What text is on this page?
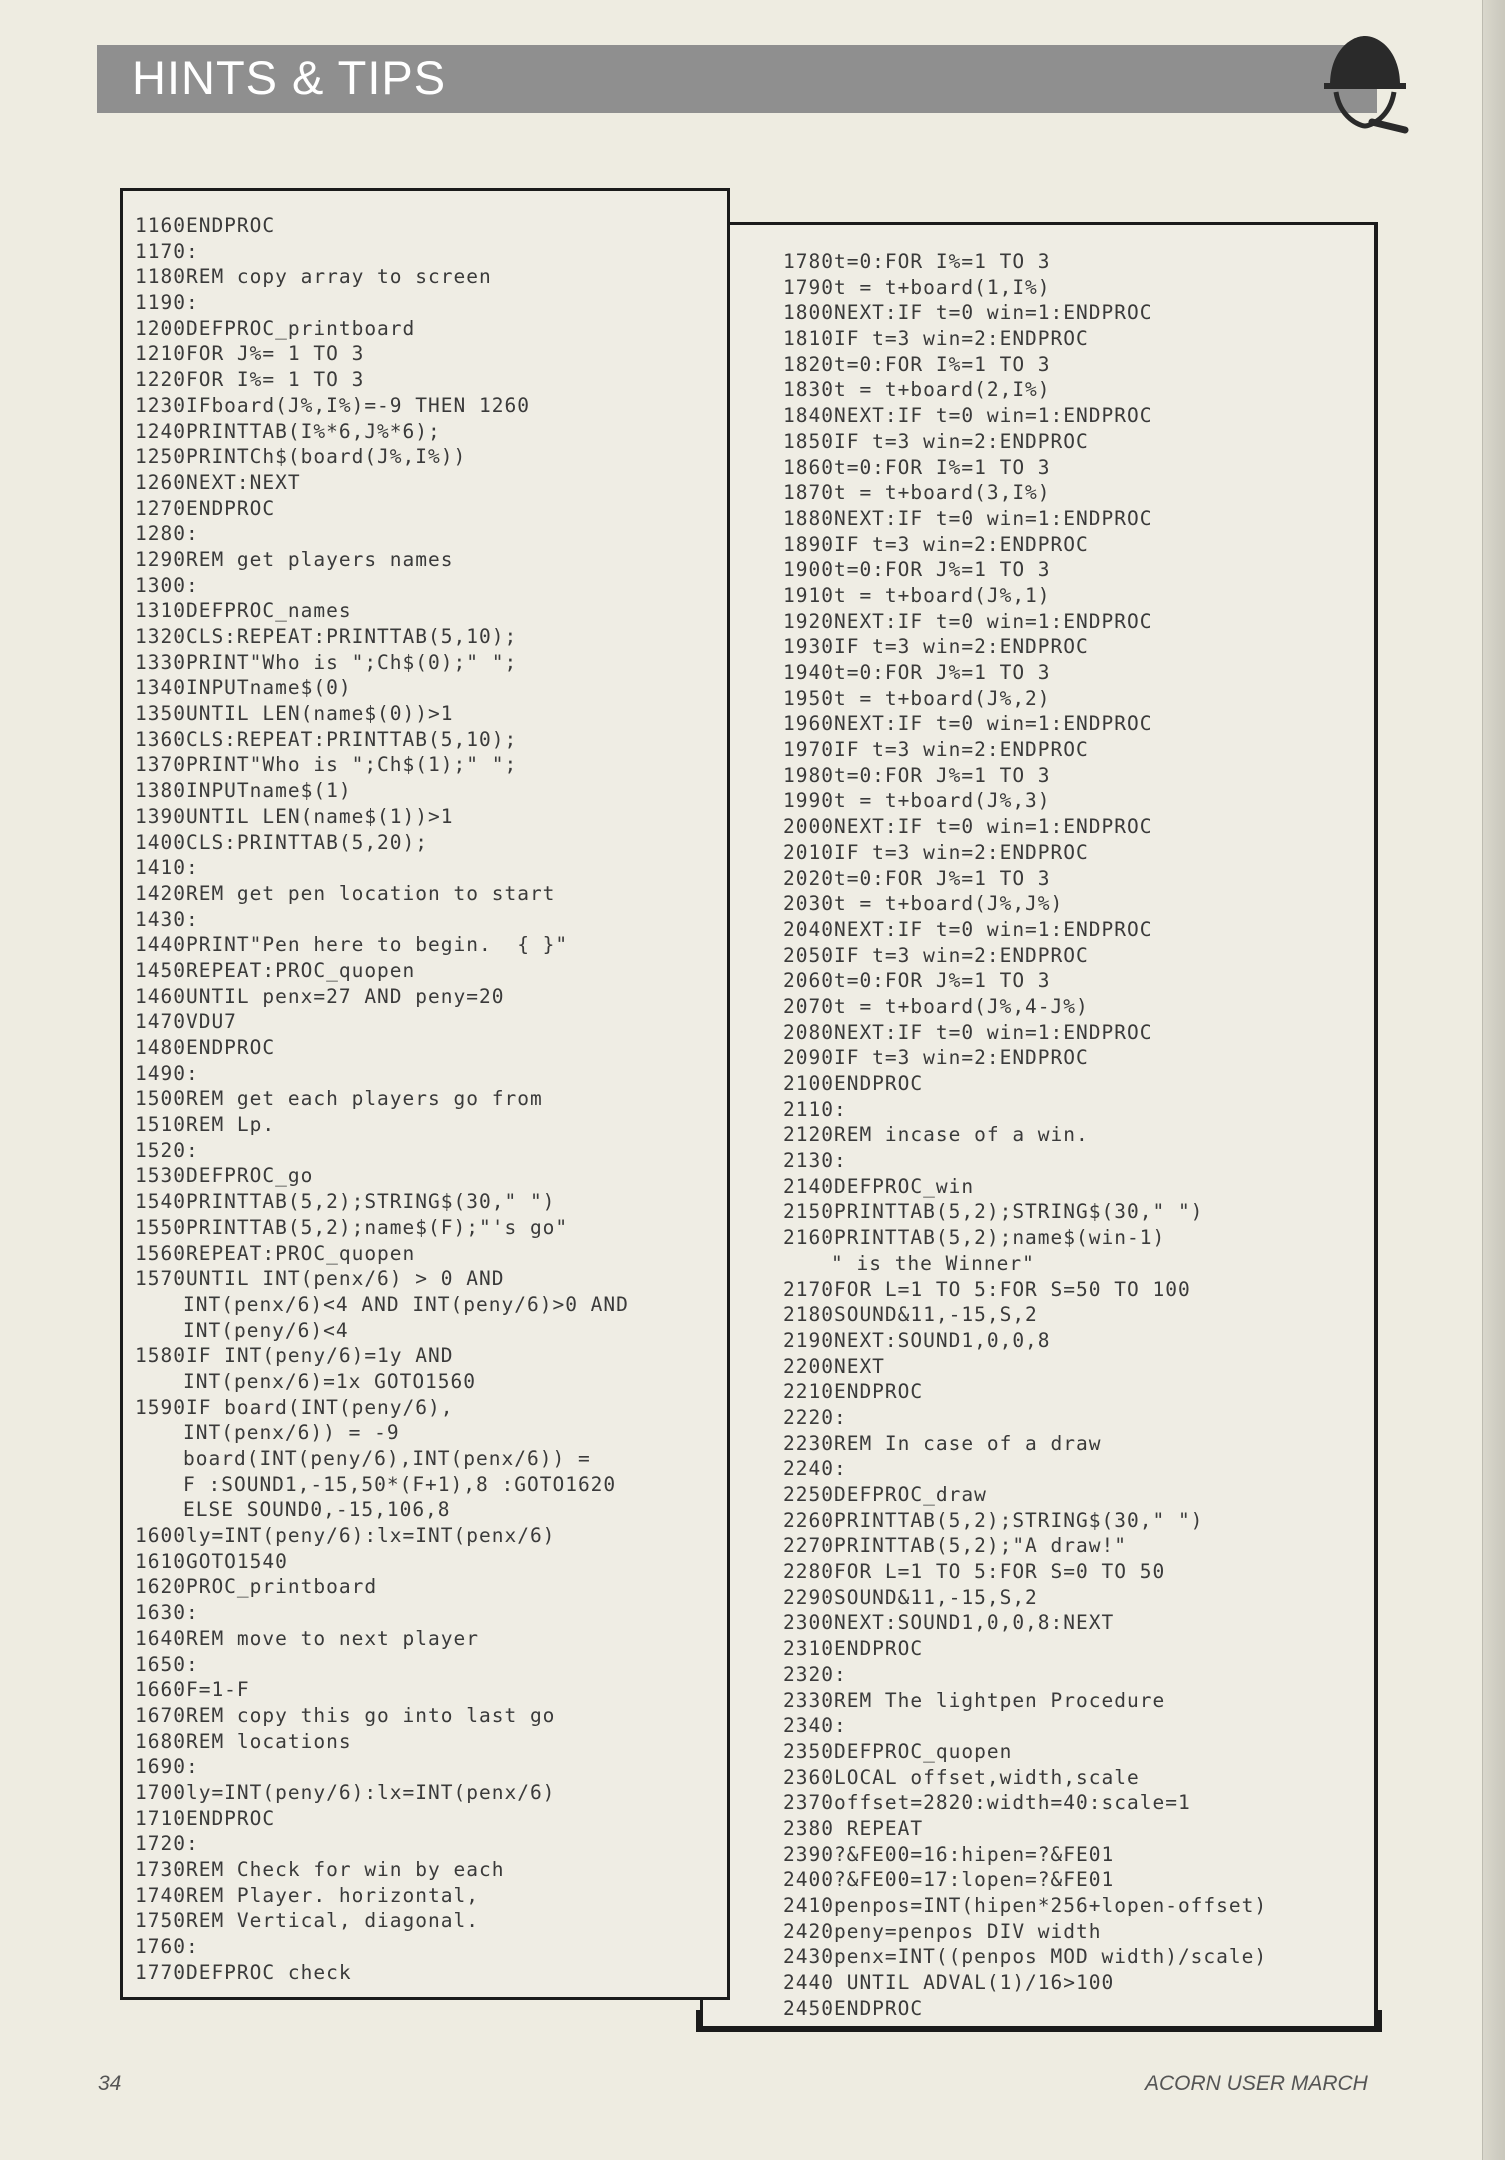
HINTS & TIPS
1780t=0:FOR I%=1 TO 3
1790t = t+board(1,I%)
1800NEXT:IF t=0 win=1:ENDPROC
1810IF t=3 win=2:ENDPROC
1820t=0:FOR I%=1 TO 3
1830t = t+board(2,I%)
1840NEXT:IF t=0 win=1:ENDPROC
1850IF t=3 win=2:ENDPROC
1860t=0:FOR I%=1 TO 3
1870t = t+board(3,I%)
1880NEXT:IF t=0 win=1:ENDPROC
1890IF t=3 win=2:ENDPROC
1900t=0:FOR J%=1 TO 3
1910t = t+board(J%,1)
1920NEXT:IF t=0 win=1:ENDPROC
1930IF t=3 win=2:ENDPROC
1940t=0:FOR J%=1 TO 3
1950t = t+board(J%,2)
1960NEXT:IF t=0 win=1:ENDPROC
1970IF t=3 win=2:ENDPROC
1980t=0:FOR J%=1 TO 3
1990t = t+board(J%,3)
2000NEXT:IF t=0 win=1:ENDPROC
2010IF t=3 win=2:ENDPROC
2020t=0:FOR J%=1 TO 3
2030t = t+board(J%,J%)
2040NEXT:IF t=0 win=1:ENDPROC
2050IF t=3 win=2:ENDPROC
2060t=0:FOR J%=1 TO 3
2070t = t+board(J%,4-J%)
2080NEXT:IF t=0 win=1:ENDPROC
2090IF t=3 win=2:ENDPROC
2100ENDPROC
2110:
2120REM incase of a win.
2130:
2140DEFPROC_win
2150PRINTTAB(5,2);STRING$(30," ")
2160PRINTTAB(5,2);name$(win-1)
" is the Winner"
2170FOR L=1 TO 5:FOR S=50 TO 100
2180SOUND&11,-15,S,2
2190NEXT:SOUND1,0,0,8
2200NEXT
2210ENDPROC
2220:
2230REM In case of a draw
2240:
2250DEFPROC_draw
2260PRINTTAB(5,2);STRING$(30," ")
2270PRINTTAB(5,2);"A draw!"
2280FOR L=1 TO 5:FOR S=0 TO 50
2290SOUND&11,-15,S,2
2300NEXT:SOUND1,0,0,8:NEXT
2310ENDPROC
2320:
2330REM The lightpen Procedure
2340:
2350DEFPROC_quopen
2360LOCAL offset,width,scale
2370offset=2820:width=40:scale=1
2380 REPEAT
2390?&FE00=16:hipen=?&FE01
2400?&FE00=17:lopen=?&FE01
2410penpos=INT(hipen*256+lopen-offset)
2420peny=penpos DIV width
2430penx=INT((penpos MOD width)/scale)
2440 UNTIL ADVAL(1)/16>100
2450ENDPROC
1160ENDPROC
1170:
1180REM copy array to screen
1190:
1200DEFPROC_printboard
1210FOR J%= 1 TO 3
1220FOR I%= 1 TO 3
1230IFboard(J%,I%)=-9 THEN 1260
1240PRINTTAB(I%*6,J%*6);
1250PRINTCh$(board(J%,I%))
1260NEXT:NEXT
1270ENDPROC
1280:
1290REM get players names
1300:
1310DEFPROC_names
1320CLS:REPEAT:PRINTTAB(5,10);
1330PRINT"Who is ";Ch$(0);" ";
1340INPUTname$(0)
1350UNTIL LEN(name$(0))>1
1360CLS:REPEAT:PRINTTAB(5,10);
1370PRINT"Who is ";Ch$(1);" ";
1380INPUTname$(1)
1390UNTIL LEN(name$(1))>1
1400CLS:PRINTTAB(5,20);
1410:
1420REM get pen location to start
1430:
1440PRINT"Pen here to begin.  { }"
1450REPEAT:PROC_quopen
1460UNTIL penx=27 AND peny=20
1470VDU7
1480ENDPROC
1490:
1500REM get each players go from
1510REM Lp.
1520:
1530DEFPROC_go
1540PRINTTAB(5,2);STRING$(30," ")
1550PRINTTAB(5,2);name$(F);"'s go"
1560REPEAT:PROC_quopen
1570UNTIL INT(penx/6) > 0 AND
INT(penx/6)<4 AND INT(peny/6)>0 AND
INT(peny/6)<4
1580IF INT(peny/6)=1y AND
INT(penx/6)=1x GOTO1560
1590IF board(INT(peny/6),
INT(penx/6)) = -9
board(INT(peny/6),INT(penx/6)) =
F :SOUND1,-15,50*(F+1),8 :GOTO1620
ELSE SOUND0,-15,106,8
1600ly=INT(peny/6):lx=INT(penx/6)
1610GOTO1540
1620PROC_printboard
1630:
1640REM move to next player
1650:
1660F=1-F
1670REM copy this go into last go
1680REM locations
1690:
1700ly=INT(peny/6):lx=INT(penx/6)
1710ENDPROC
1720:
1730REM Check for win by each
1740REM Player. horizontal,
1750REM Vertical, diagonal.
1760:
1770DEFPROC check
34	ACORN USER MARCH
